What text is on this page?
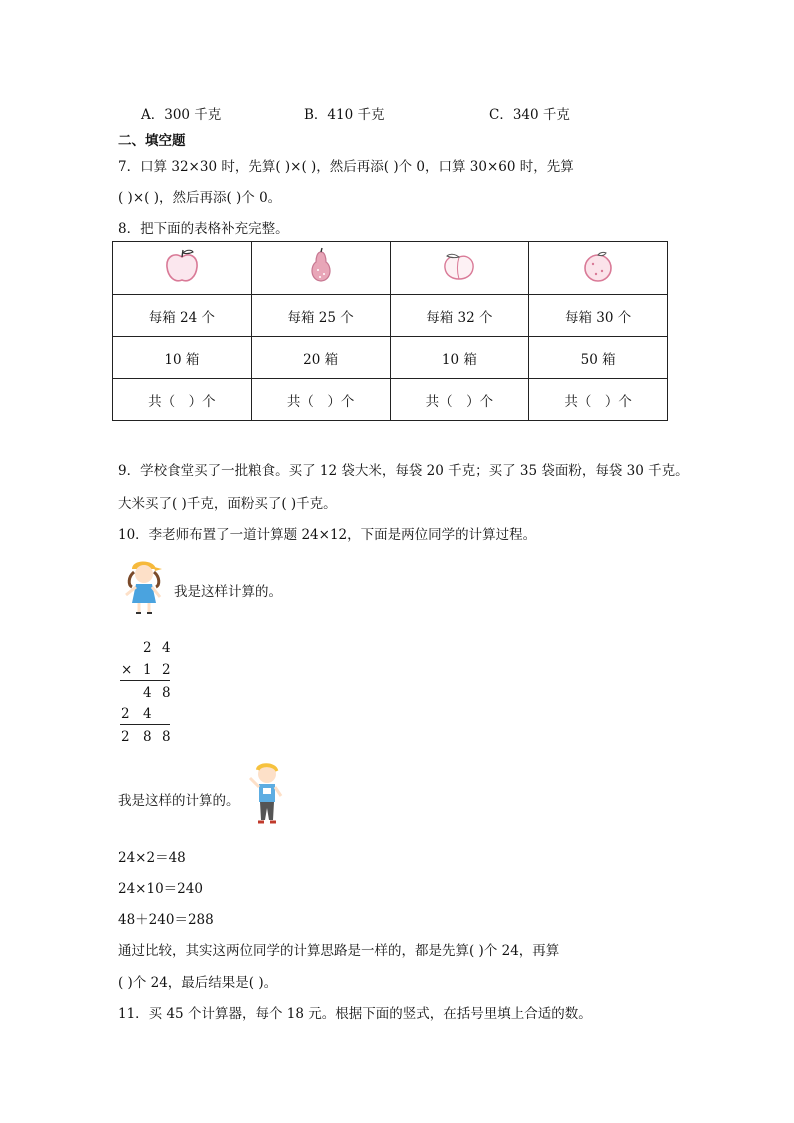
A．300 千克	B．410 千克	C．340 千克
二、填空题
7．口算 32×30 时，先算( )×( )，然后再添( )个 0，口算 30×60 时，先算
( )×( )，然后再添( )个 0。
8．把下面的表格补充完整。

每箱 24 个	每箱 25 个	每箱 32 个	每箱 30 个
10 箱	20 箱	10 箱	50 箱
共（　）个	共（　）个	共（　）个	共（　）个
9．学校食堂买了一批粮食。买了 12 袋大米，每袋 20 千克；买了 35 袋面粉，每袋 30 千克。
大米买了( )千克，面粉买了( )千克。
10．李老师布置了一道计算题 24×12，下面是两位同学的计算过程。
我是这样计算的。
2 4
× 1 2
4 8
2 4
2 8 8
我是这样的计算的。
24×2＝48
24×10＝240
48＋240＝288
通过比较，其实这两位同学的计算思路是一样的，都是先算( )个 24，再算
( )个 24，最后结果是( )。
11．买 45 个计算器，每个 18 元。根据下面的竖式，在括号里填上合适的数。
